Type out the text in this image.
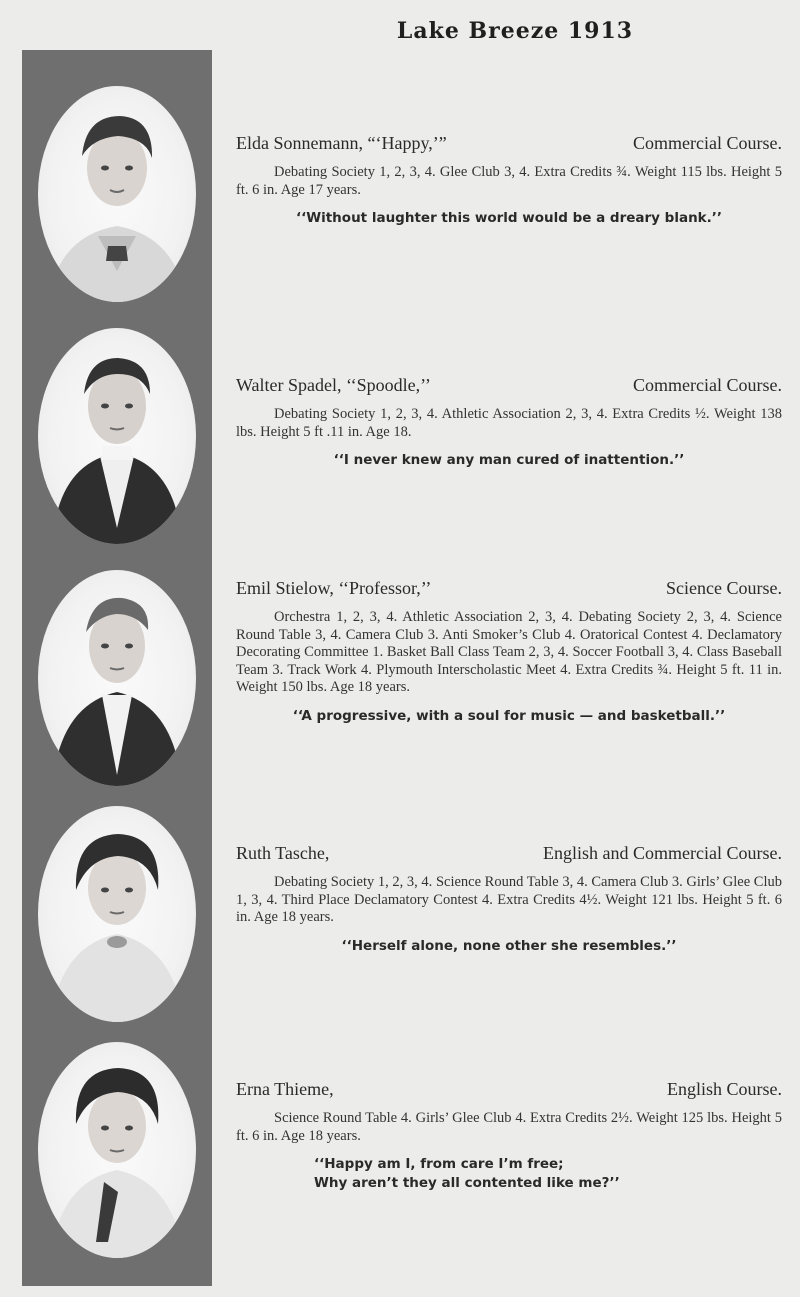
Lake Breeze 1913
Elda Sonnemann, “‘Happy,’”	Commercial Course.

Debating Society 1, 2, 3, 4. Glee Club 3, 4. Extra Credits ¾. Weight 115 lbs. Height 5 ft. 6 in. Age 17 years.

‘‘Without laughter this world would be a dreary blank.’’

Walter Spadel, ‘‘Spoodle,’’	Commercial Course.

Debating Society 1, 2, 3, 4. Athletic Association 2, 3, 4. Extra Credits ½. Weight 138 lbs. Height 5 ft .11 in. Age 18.

‘‘I never knew any man cured of inattention.’’

Emil Stielow, ‘‘Professor,’’	Science Course.

Orchestra 1, 2, 3, 4. Athletic Association 2, 3, 4. Debating Society 2, 3, 4. Science Round Table 3, 4. Camera Club 3. Anti Smoker’s Club 4. Oratorical Contest 4. Declamatory Decorating Committee 1. Basket Ball Class Team 2, 3, 4. Soccer Football 3, 4. Class Baseball Team 3. Track Work 4. Plymouth Interscholastic Meet 4. Extra Credits ¾. Height 5 ft. 11 in. Weight 150 lbs. Age 18 years.

‘‘A progressive, with a soul for music — and basketball.’’

Ruth Tasche,	English and Commercial Course.

Debating Society 1, 2, 3, 4. Science Round Table 3, 4. Camera Club 3. Girls’ Glee Club 1, 3, 4. Third Place Declamatory Contest 4. Extra Credits 4½. Weight 121 lbs. Height 5 ft. 6 in. Age 18 years.

‘‘Herself alone, none other she resembles.’’

Erna Thieme,	English Course.

Science Round Table 4. Girls’ Glee Club 4. Extra Credits 2½. Weight 125 lbs. Height 5 ft. 6 in. Age 18 years.

‘‘Happy am I, from care I’m free;

Why aren’t they all contented like me?’’
